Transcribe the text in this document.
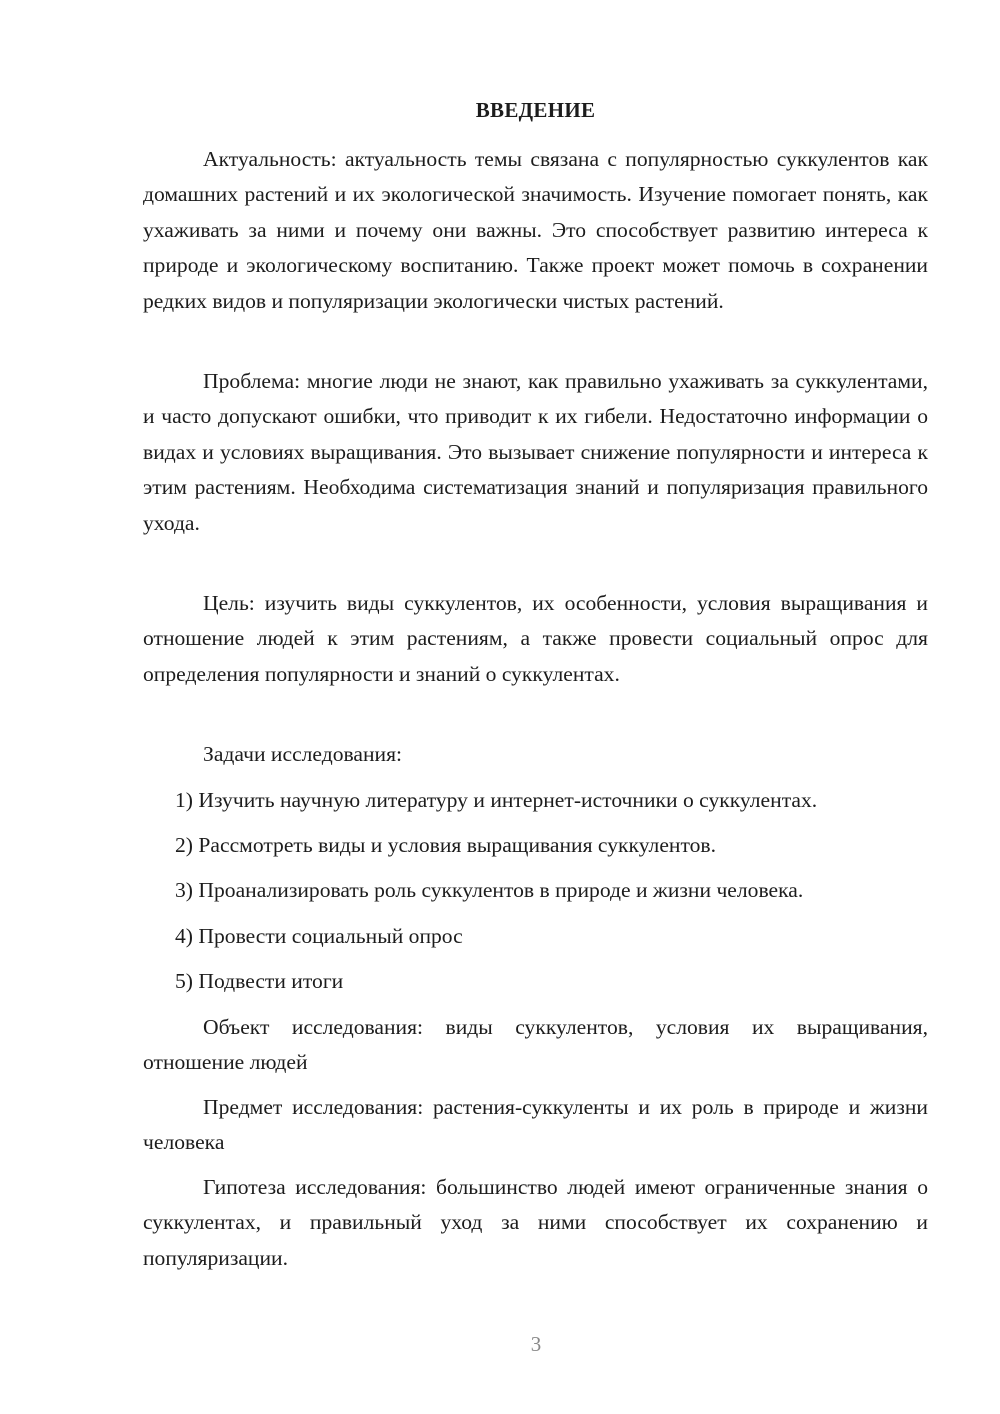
ВВЕДЕНИЕ

Актуальность: актуальность темы связана с популярностью суккулентов как домашних растений и их экологической значимость. Изучение помогает понять, как ухаживать за ними и почему они важны. Это способствует развитию интереса к природе и экологическому воспитанию. Также проект может помочь в сохранении редких видов и популяризации экологически чистых растений.

Проблема: многие люди не знают, как правильно ухаживать за суккулентами, и часто допускают ошибки, что приводит к их гибели. Недостаточно информации о видах и условиях выращивания. Это вызывает снижение популярности и интереса к этим растениям. Необходима систематизация знаний и популяризация правильного ухода.

Цель: изучить виды суккулентов, их особенности, условия выращивания и отношение людей к этим растениям, а также провести социальный опрос для определения популярности и знаний о суккулентах.

Задачи исследования:

1) Изучить научную литературу и интернет-источники о суккулентах.

2) Рассмотреть виды и условия выращивания суккулентов.

3) Проанализировать роль суккулентов в природе и жизни человека.

4) Провести социальный опрос

5) Подвести итоги

Объект исследования: виды суккулентов, условия их выращивания, отношение людей

Предмет исследования: растения-суккуленты и их роль в природе и жизни человека

Гипотеза исследования: большинство людей имеют ограниченные знания о суккулентах, и правильный уход за ними способствует их сохранению и популяризации.

3
